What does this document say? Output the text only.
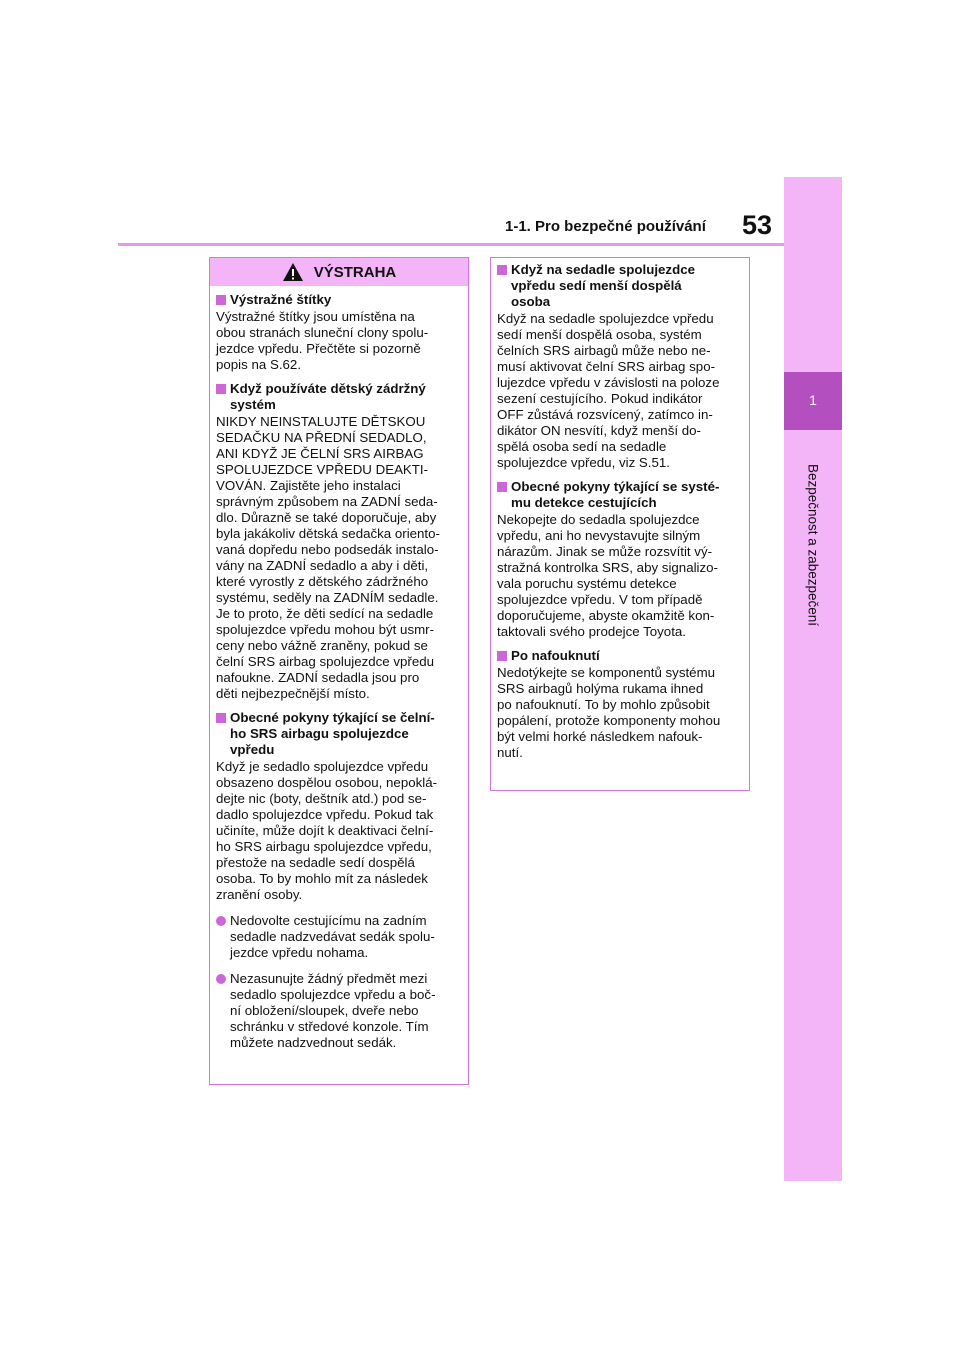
1-1. Pro bezpečné používání	53
1
Bezpečnost a zabezpečení
VÝSTRAHA
Výstražné štítky
Výstražné štítky jsou umístěna na
obou stranách sluneční clony spolu-
jezdce vpředu. Přečtěte si pozorně
popis na S.62.
Když používáte dětský zádržný
systém
NIKDY NEINSTALUJTE DĚTSKOU
SEDAČKU NA PŘEDNÍ SEDADLO,
ANI KDYŽ JE ČELNÍ SRS AIRBAG
SPOLUJEZDCE VPŘEDU DEAKTI-
VOVÁN. Zajistěte jeho instalaci
správným způsobem na ZADNÍ seda-
dlo. Důrazně se také doporučuje, aby
byla jakákoliv dětská sedačka oriento-
vaná dopředu nebo podsedák instalo-
vány na ZADNÍ sedadlo a aby i děti,
které vyrostly z dětského zádržného
systému, seděly na ZADNÍM sedadle.
Je to proto, že děti sedící na sedadle
spolujezdce vpředu mohou být usmr-
ceny nebo vážně zraněny, pokud se
čelní SRS airbag spolujezdce vpředu
nafoukne. ZADNÍ sedadla jsou pro
děti nejbezpečnější místo.
Obecné pokyny týkající se čelní-
ho SRS airbagu spolujezdce
vpředu
Když je sedadlo spolujezdce vpředu
obsazeno dospělou osobou, nepoklá-
dejte nic (boty, deštník atd.) pod se-
dadlo spolujezdce vpředu. Pokud tak
učiníte, může dojít k deaktivaci čelní-
ho SRS airbagu spolujezdce vpředu,
přestože na sedadle sedí dospělá
osoba. To by mohlo mít za následek
zranění osoby.
Nedovolte cestujícímu na zadním
sedadle nadzvedávat sedák spolu-
jezdce vpředu nohama.
Nezasunujte žádný předmět mezi
sedadlo spolujezdce vpředu a boč-
ní obložení/sloupek, dveře nebo
schránku v středové konzole. Tím
můžete nadzvednout sedák.
Když na sedadle spolujezdce
vpředu sedí menší dospělá
osoba
Když na sedadle spolujezdce vpředu
sedí menší dospělá osoba, systém
čelních SRS airbagů může nebo ne-
musí aktivovat čelní SRS airbag spo-
lujezdce vpředu v závislosti na poloze
sezení cestujícího. Pokud indikátor
OFF zůstává rozsvícený, zatímco in-
dikátor ON nesvítí, když menší do-
spělá osoba sedí na sedadle
spolujezdce vpředu, viz S.51.
Obecné pokyny týkající se systé-
mu detekce cestujících
Nekopejte do sedadla spolujezdce
vpředu, ani ho nevystavujte silným
nárazům. Jinak se může rozsvítit vý-
stražná kontrolka SRS, aby signalizo-
vala poruchu systému detekce
spolujezdce vpředu. V tom případě
doporučujeme, abyste okamžitě kon-
taktovali svého prodejce Toyota.
Po nafouknutí
Nedotýkejte se komponentů systému
SRS airbagů holýma rukama ihned
po nafouknutí. To by mohlo způsobit
popálení, protože komponenty mohou
být velmi horké následkem nafouk-
nutí.
